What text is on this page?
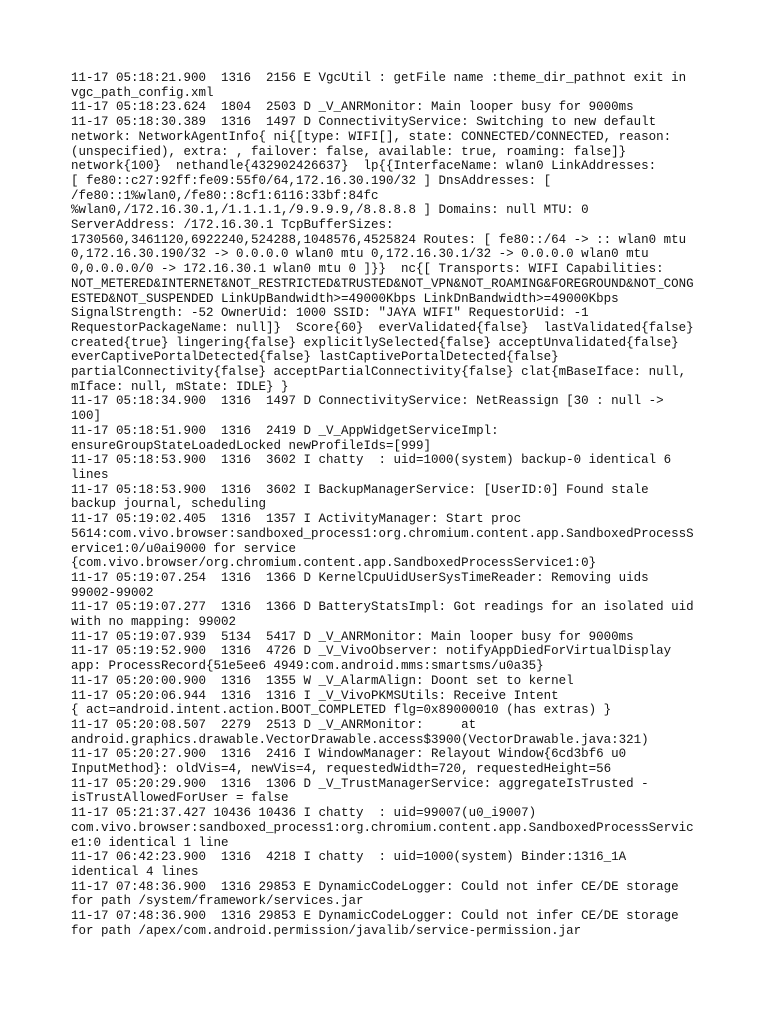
11-17 05:18:21.900  1316  2156 E VgcUtil : getFile name :theme_dir_pathnot exit in
vgc_path_config.xml
11-17 05:18:23.624  1804  2503 D _V_ANRMonitor: Main looper busy for 9000ms
11-17 05:18:30.389  1316  1497 D ConnectivityService: Switching to new default
network: NetworkAgentInfo{ ni{[type: WIFI[], state: CONNECTED/CONNECTED, reason:
(unspecified), extra: , failover: false, available: true, roaming: false]}
network{100}  nethandle{432902426637}  lp{{InterfaceName: wlan0 LinkAddresses:
[ fe80::c27:92ff:fe09:55f0/64,172.16.30.190/32 ] DnsAddresses: [
/fe80::1%wlan0,/fe80::8cf1:6116:33bf:84fc
%wlan0,/172.16.30.1,/1.1.1.1,/9.9.9.9,/8.8.8.8 ] Domains: null MTU: 0
ServerAddress: /172.16.30.1 TcpBufferSizes:
1730560,3461120,6922240,524288,1048576,4525824 Routes: [ fe80::/64 -> :: wlan0 mtu
0,172.16.30.190/32 -> 0.0.0.0 wlan0 mtu 0,172.16.30.1/32 -> 0.0.0.0 wlan0 mtu
0,0.0.0.0/0 -> 172.16.30.1 wlan0 mtu 0 ]}}  nc{[ Transports: WIFI Capabilities:
NOT_METERED&INTERNET&NOT_RESTRICTED&TRUSTED&NOT_VPN&NOT_ROAMING&FOREGROUND&NOT_CONG
ESTED&NOT_SUSPENDED LinkUpBandwidth>=49000Kbps LinkDnBandwidth>=49000Kbps
SignalStrength: -52 OwnerUid: 1000 SSID: "JAYA WIFI" RequestorUid: -1
RequestorPackageName: null]}  Score{60}  everValidated{false}  lastValidated{false}
created{true} lingering{false} explicitlySelected{false} acceptUnvalidated{false}
everCaptivePortalDetected{false} lastCaptivePortalDetected{false}
partialConnectivity{false} acceptPartialConnectivity{false} clat{mBaseIface: null,
mIface: null, mState: IDLE} }
11-17 05:18:34.900  1316  1497 D ConnectivityService: NetReassign [30 : null ->
100]
11-17 05:18:51.900  1316  2419 D _V_AppWidgetServiceImpl:
ensureGroupStateLoadedLocked newProfileIds=[999]
11-17 05:18:53.900  1316  3602 I chatty  : uid=1000(system) backup-0 identical 6
lines
11-17 05:18:53.900  1316  3602 I BackupManagerService: [UserID:0] Found stale
backup journal, scheduling
11-17 05:19:02.405  1316  1357 I ActivityManager: Start proc
5614:com.vivo.browser:sandboxed_process1:org.chromium.content.app.SandboxedProcessS
ervice1:0/u0ai9000 for service
{com.vivo.browser/org.chromium.content.app.SandboxedProcessService1:0}
11-17 05:19:07.254  1316  1366 D KernelCpuUidUserSysTimeReader: Removing uids
99002-99002
11-17 05:19:07.277  1316  1366 D BatteryStatsImpl: Got readings for an isolated uid
with no mapping: 99002
11-17 05:19:07.939  5134  5417 D _V_ANRMonitor: Main looper busy for 9000ms
11-17 05:19:52.900  1316  4726 D _V_VivoObserver: notifyAppDiedForVirtualDisplay
app: ProcessRecord{51e5ee6 4949:com.android.mms:smartsms/u0a35}
11-17 05:20:00.900  1316  1355 W _V_AlarmAlign: Doont set to kernel
11-17 05:20:06.944  1316  1316 I _V_VivoPKMSUtils: Receive Intent
{ act=android.intent.action.BOOT_COMPLETED flg=0x89000010 (has extras) }
11-17 05:20:08.507  2279  2513 D _V_ANRMonitor:     at
android.graphics.drawable.VectorDrawable.access$3900(VectorDrawable.java:321)
11-17 05:20:27.900  1316  2416 I WindowManager: Relayout Window{6cd3bf6 u0
InputMethod}: oldVis=4, newVis=4, requestedWidth=720, requestedHeight=56
11-17 05:20:29.900  1316  1306 D _V_TrustManagerService: aggregateIsTrusted -
isTrustAllowedForUser = false
11-17 05:21:37.427 10436 10436 I chatty  : uid=99007(u0_i9007)
com.vivo.browser:sandboxed_process1:org.chromium.content.app.SandboxedProcessServic
e1:0 identical 1 line
11-17 06:42:23.900  1316  4218 I chatty  : uid=1000(system) Binder:1316_1A
identical 4 lines
11-17 07:48:36.900  1316 29853 E DynamicCodeLogger: Could not infer CE/DE storage
for path /system/framework/services.jar
11-17 07:48:36.900  1316 29853 E DynamicCodeLogger: Could not infer CE/DE storage
for path /apex/com.android.permission/javalib/service-permission.jar
